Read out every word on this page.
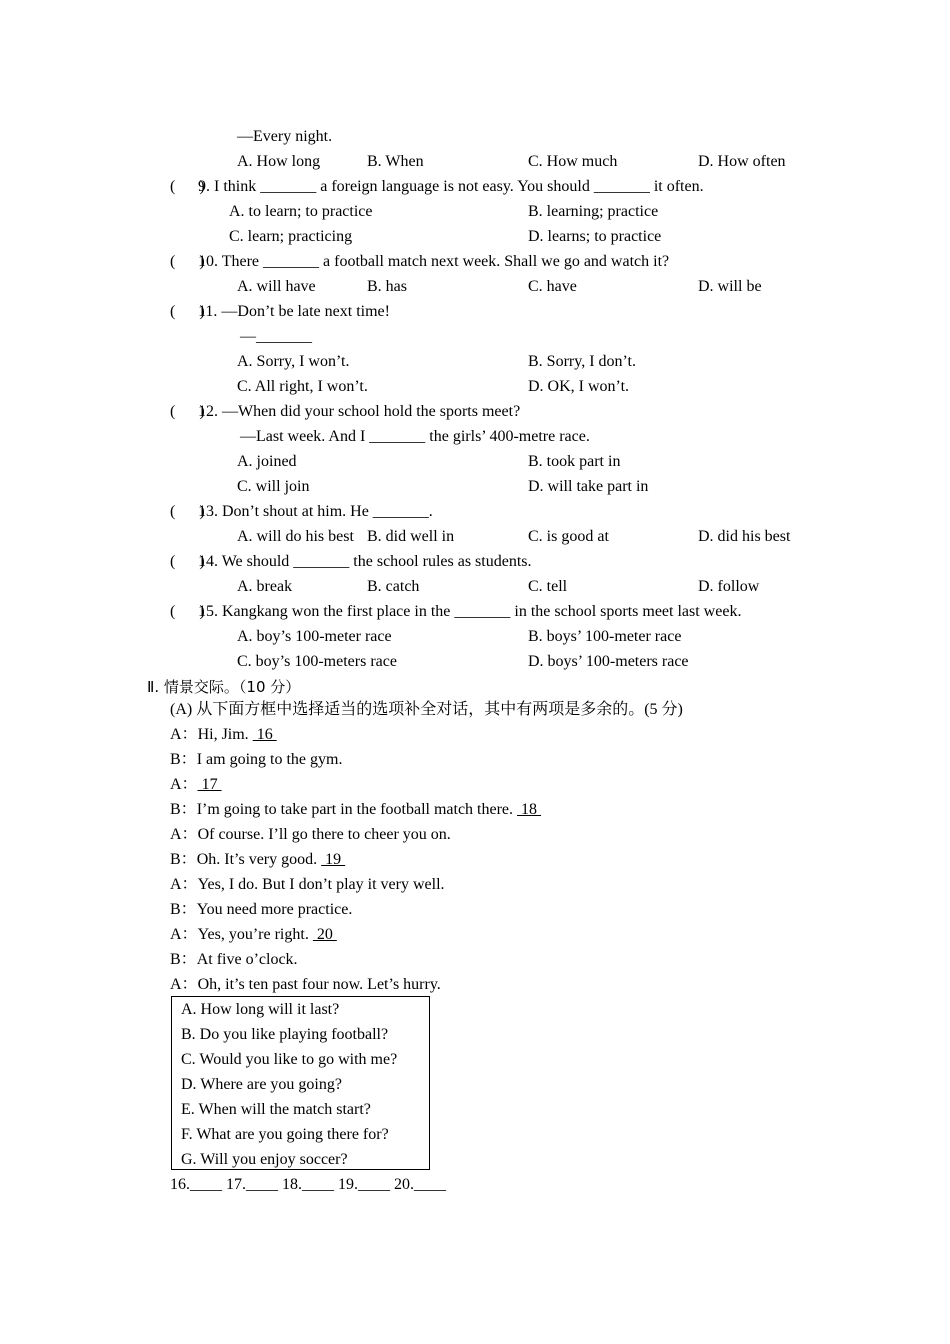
—Every night.
A. How long	B. When	C. How much	D. How often
(      )
9. I think _______ a foreign language is not easy. You should _______ it often.
A. to learn; to practice	B. learning; practice
C. learn; practicing	D. learns; to practice
(      )
10. There _______ a football match next week. Shall we go and watch it?
A. will have	B. has	C. have	D. will be
(      )
11. —Don’t be late next time!
—_______
A. Sorry, I won’t.	B. Sorry, I don’t.
C. All right, I won’t.	D. OK, I won’t.
(      )
12. —When did your school hold the sports meet?
—Last week. And I _______ the girls’ 400-metre race.
A. joined	B. took part in
C. will join	D. will take part in
(      )
13. Don’t shout at him. He _______.
A. will do his best B. did well in	C. is good at	D. did his best
(      )
14. We should _______ the school rules as students.
A. break	B. catch	C. tell	D. follow
(      )
15. Kangkang won the first place in the _______ in the school sports meet last week.
A. boy’s 100-meter race	B. boys’ 100-meter race
C. boy’s 100-meters race	D. boys’ 100-meters race
Ⅱ. 情景交际。（10 分）
(A) 从下面方框中选择适当的选项补全对话，其中有两项是多余的。(5 分)
A：Hi, Jim.  16
B：I am going to the gym.
A： 17
B：I’m going to take part in the football match there.  18
A：Of course. I’ll go there to cheer you on.
B：Oh. It’s very good.  19
A：Yes, I do. But I don’t play it very well.
B：You need more practice.
A：Yes, you’re right.  20
B：At five o’clock.
A：Oh, it’s ten past four now. Let’s hurry.
A. How long will it last?
B. Do you like playing football?
C. Would you like to go with me?
D. Where are you going?
E. When will the match start?
F. What are you going there for?
G. Will you enjoy soccer?
16.____ 17.____ 18.____ 19.____ 20.____
